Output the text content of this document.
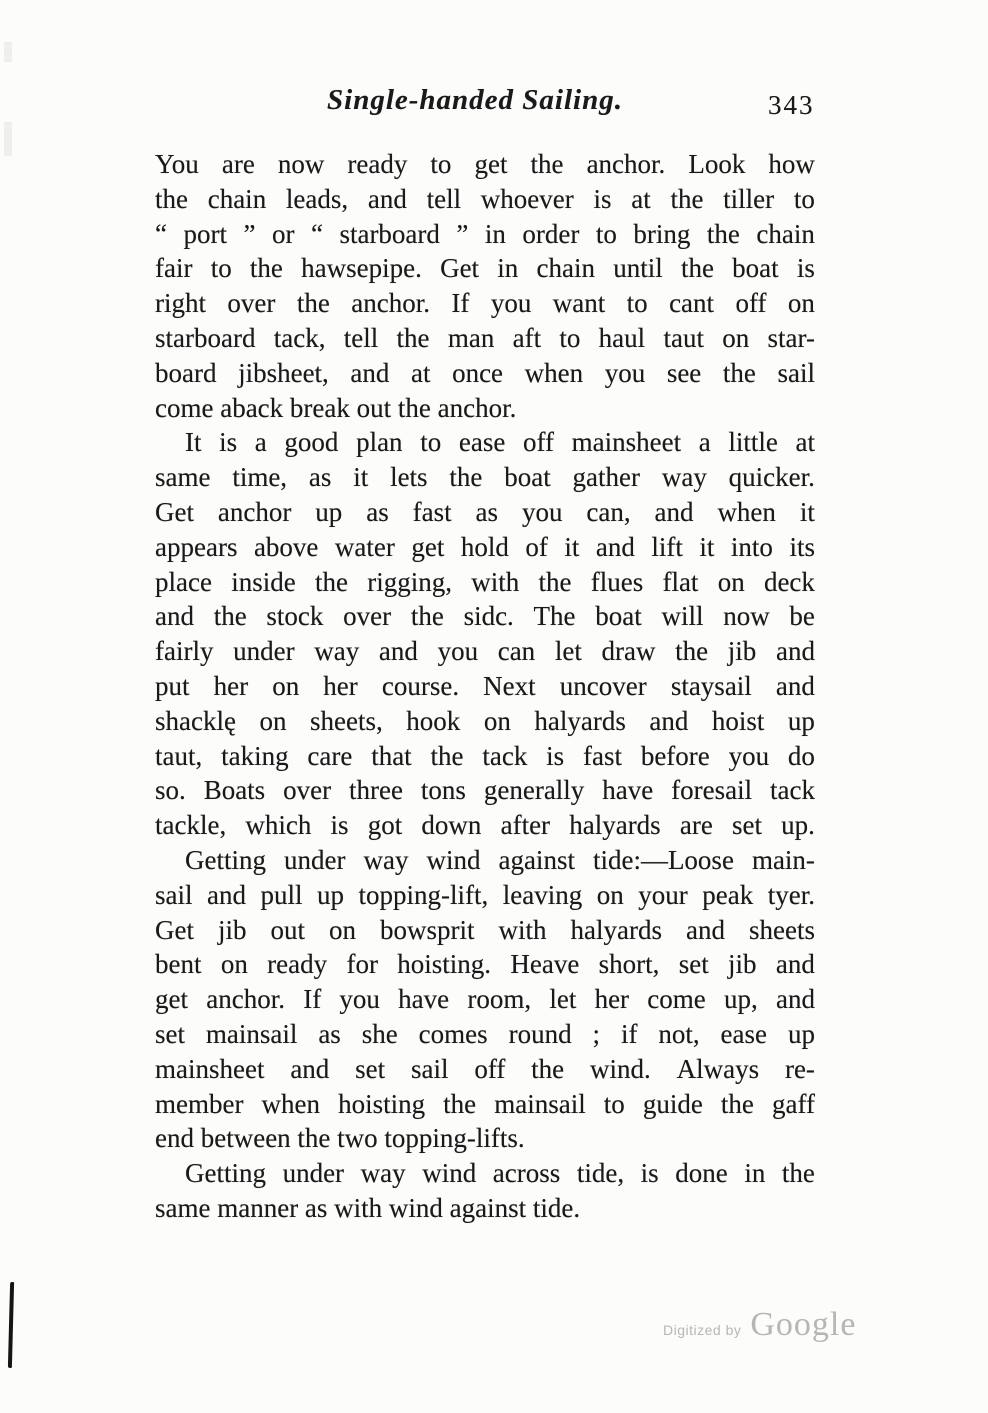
Single-handed Sailing.	343
You are now ready to get the anchor. Look how
the chain leads, and tell whoever is at the tiller to
“ port ” or “ starboard ” in order to bring the chain
fair to the hawsepipe. Get in chain until the boat is
right over the anchor. If you want to cant off on
starboard tack, tell the man aft to haul taut on star-
board jibsheet, and at once when you see the sail
come aback break out the anchor.
It is a good plan to ease off mainsheet a little at
same time, as it lets the boat gather way quicker.
Get anchor up as fast as you can, and when it
appears above water get hold of it and lift it into its
place inside the rigging, with the flues flat on deck
and the stock over the sidc. The boat will now be
fairly under way and you can let draw the jib and
put her on her course. Next uncover staysail and
shacklę on sheets, hook on halyards and hoist up
taut, taking care that the tack is fast before you do
so. Boats over three tons generally have foresail tack
tackle, which is got down after halyards are set up.
Getting under way wind against tide:—Loose main-
sail and pull up topping-lift, leaving on your peak tyer.
Get jib out on bowsprit with halyards and sheets
bent on ready for hoisting. Heave short, set jib and
get anchor. If you have room, let her come up, and
set mainsail as she comes round ; if not, ease up
mainsheet and set sail off the wind. Always re-
member when hoisting the mainsail to guide the gaff
end between the two topping-lifts.
Getting under way wind across tide, is done in the
same manner as with wind against tide.
Digitized by Google
